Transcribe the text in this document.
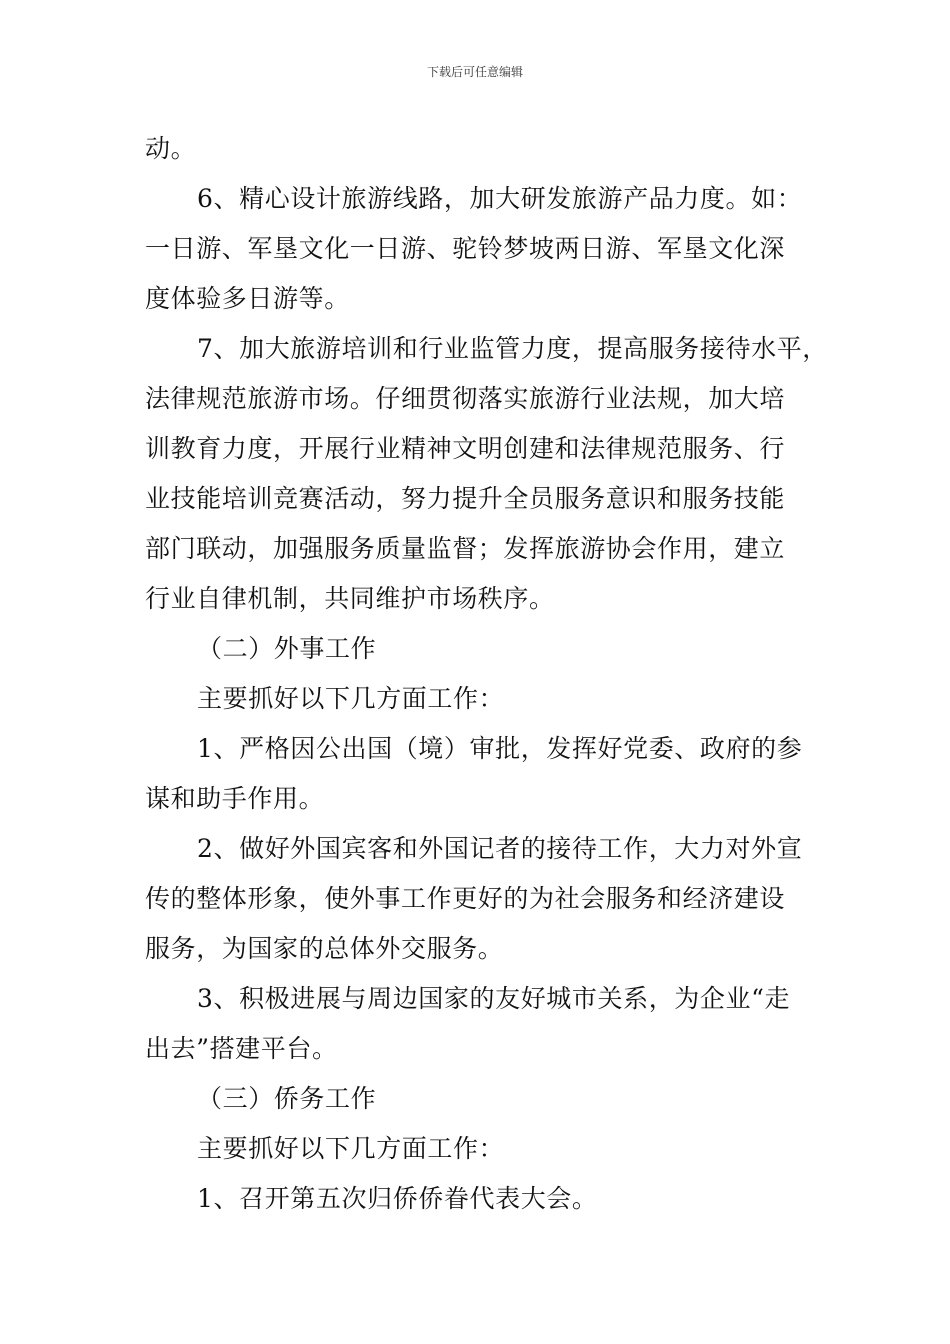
下载后可任意编辑
动。
6、精心设计旅游线路，加大研发旅游产品力度。如：
一日游、军垦文化一日游、驼铃梦坡两日游、军垦文化深
度体验多日游等。
7、加大旅游培训和行业监管力度，提高服务接待水平，
法律规范旅游市场。仔细贯彻落实旅游行业法规，加大培
训教育力度，开展行业精神文明创建和法律规范服务、行
业技能培训竞赛活动，努力提升全员服务意识和服务技能
部门联动，加强服务质量监督；发挥旅游协会作用，建立
行业自律机制，共同维护市场秩序。
（二）外事工作
主要抓好以下几方面工作：
1、严格因公出国（境）审批，发挥好党委、政府的参
谋和助手作用。
2、做好外国宾客和外国记者的接待工作，大力对外宣
传的整体形象，使外事工作更好的为社会服务和经济建设
服务，为国家的总体外交服务。
3、积极进展与周边国家的友好城市关系，为企业“走
出去”搭建平台。
（三）侨务工作
主要抓好以下几方面工作：
1、召开第五次归侨侨眷代表大会。
